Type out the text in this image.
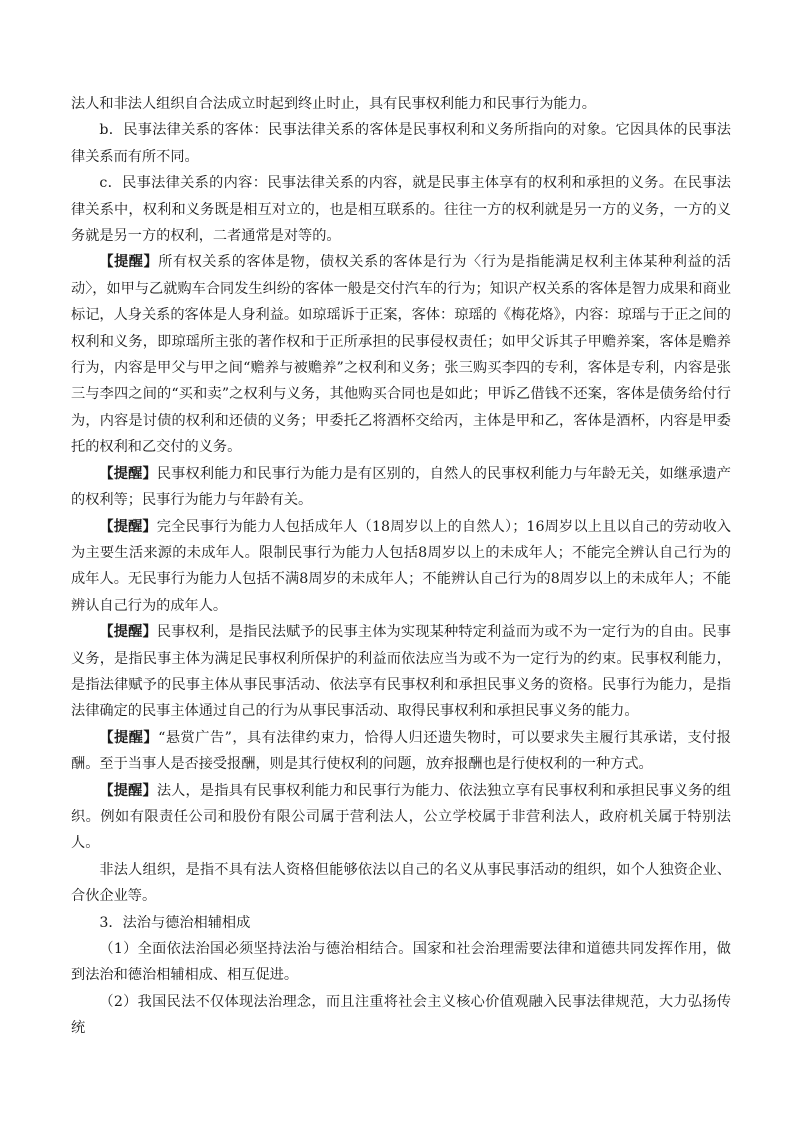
法人和非法人组织自合法成立时起到终止时止，具有民事权利能力和民事行为能力。

b．民事法律关系的客体：民事法律关系的客体是民事权利和义务所指向的对象。它因具体的民事法律关系而有所不同。

c．民事法律关系的内容：民事法律关系的内容，就是民事主体享有的权利和承担的义务。在民事法律关系中，权利和义务既是相互对立的，也是相互联系的。往往一方的权利就是另一方的义务，一方的义务就是另一方的权利，二者通常是对等的。

【提醒】所有权关系的客体是物，债权关系的客体是行为〈行为是指能满足权利主体某种利益的活动〉，如甲与乙就购车合同发生纠纷的客体一般是交付汽车的行为；知识产权关系的客体是智力成果和商业标记，人身关系的客体是人身利益。如琼瑶诉于正案，客体：琼瑶的《梅花烙》，内容：琼瑶与于正之间的权利和义务，即琼瑶所主张的著作权和于正所承担的民事侵权责任；如甲父诉其子甲赡养案，客体是赡养行为，内容是甲父与甲之间“赡养与被赡养”之权利和义务；张三购买李四的专利，客体是专利，内容是张三与李四之间的“买和卖”之权利与义务，其他购买合同也是如此；甲诉乙借钱不还案，客体是债务给付行为，内容是讨债的权利和还债的义务；甲委托乙将酒杯交给丙，主体是甲和乙，客体是酒杯，内容是甲委托的权利和乙交付的义务。

【提醒】民事权利能力和民事行为能力是有区别的，自然人的民事权利能力与年龄无关，如继承遗产的权利等；民事行为能力与年龄有关。

【提醒】完全民事行为能力人包括成年人（18周岁以上的自然人）；16周岁以上且以自己的劳动收入为主要生活来源的未成年人。限制民事行为能力人包括8周岁以上的未成年人；不能完全辨认自己行为的成年人。无民事行为能力人包括不满8周岁的未成年人；不能辨认自己行为的8周岁以上的未成年人；不能辨认自己行为的成年人。

【提醒】民事权利，是指民法赋予的民事主体为实现某种特定利益而为或不为一定行为的自由。民事义务，是指民事主体为满足民事权利所保护的利益而依法应当为或不为一定行为的约束。民事权利能力，是指法律赋予的民事主体从事民事活动、依法享有民事权利和承担民事义务的资格。民事行为能力，是指法律确定的民事主体通过自己的行为从事民事活动、取得民事权利和承担民事义务的能力。

【提醒】“悬赏广告”，具有法律约束力，恰得人归还遗失物时，可以要求失主履行其承诺，支付报酬。至于当事人是否接受报酬，则是其行使权利的问题，放弃报酬也是行使权利的一种方式。

【提醒】法人，是指具有民事权利能力和民事行为能力、依法独立享有民事权利和承担民事义务的组织。例如有限责任公司和股份有限公司属于营利法人，公立学校属于非营利法人，政府机关属于特别法人。

非法人组织，是指不具有法人资格但能够依法以自己的名义从事民事活动的组织，如个人独资企业、合伙企业等。

3．法治与德治相辅相成

（1）全面依法治国必须坚持法治与德治相结合。国家和社会治理需要法律和道德共同发挥作用，做到法治和德治相辅相成、相互促进。

（2）我国民法不仅体现法治理念，而且注重将社会主义核心价值观融入民事法律规范，大力弘扬传统
